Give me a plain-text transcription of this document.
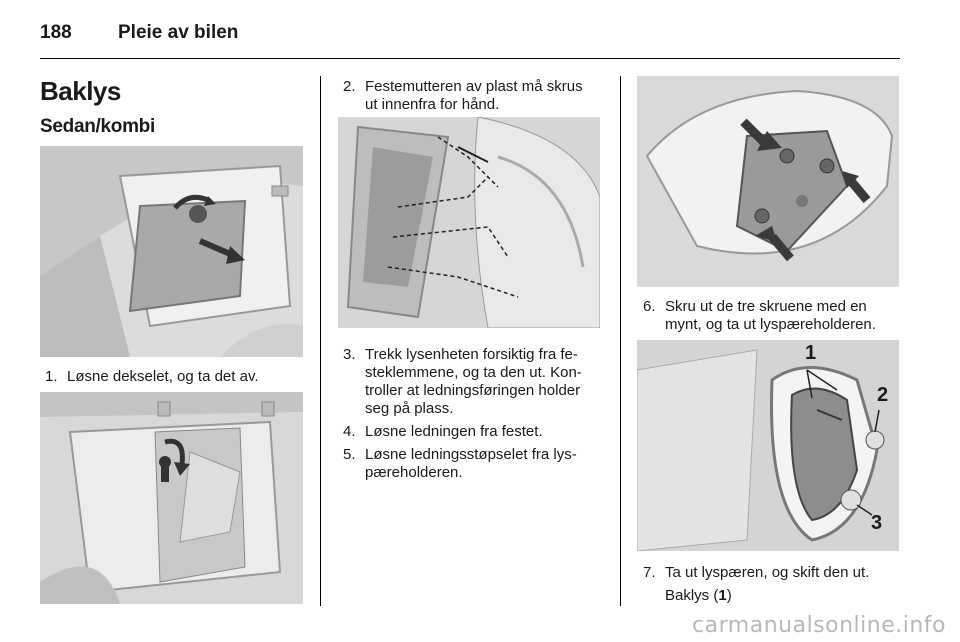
188 Pleie av bilen
Baklys
Sedan/kombi
1. Løsne dekselet, og ta det av.
2. Festemutteren av plast må skrus
ut innenfra for hånd.
3. Trekk lysenheten forsiktig fra fe-
steklemmene, og ta den ut. Kon-
troller at ledningsføringen holder
seg på plass.
4. Løsne ledningen fra festet.
5. Løsne ledningsstøpselet fra lys-
pæreholderen.
6. Skru ut de tre skruene med en
mynt, og ta ut lyspæreholderen.
1
2
3
7. Ta ut lyspæren, og skift den ut.
Baklys (1)
carmanualsonline.info
